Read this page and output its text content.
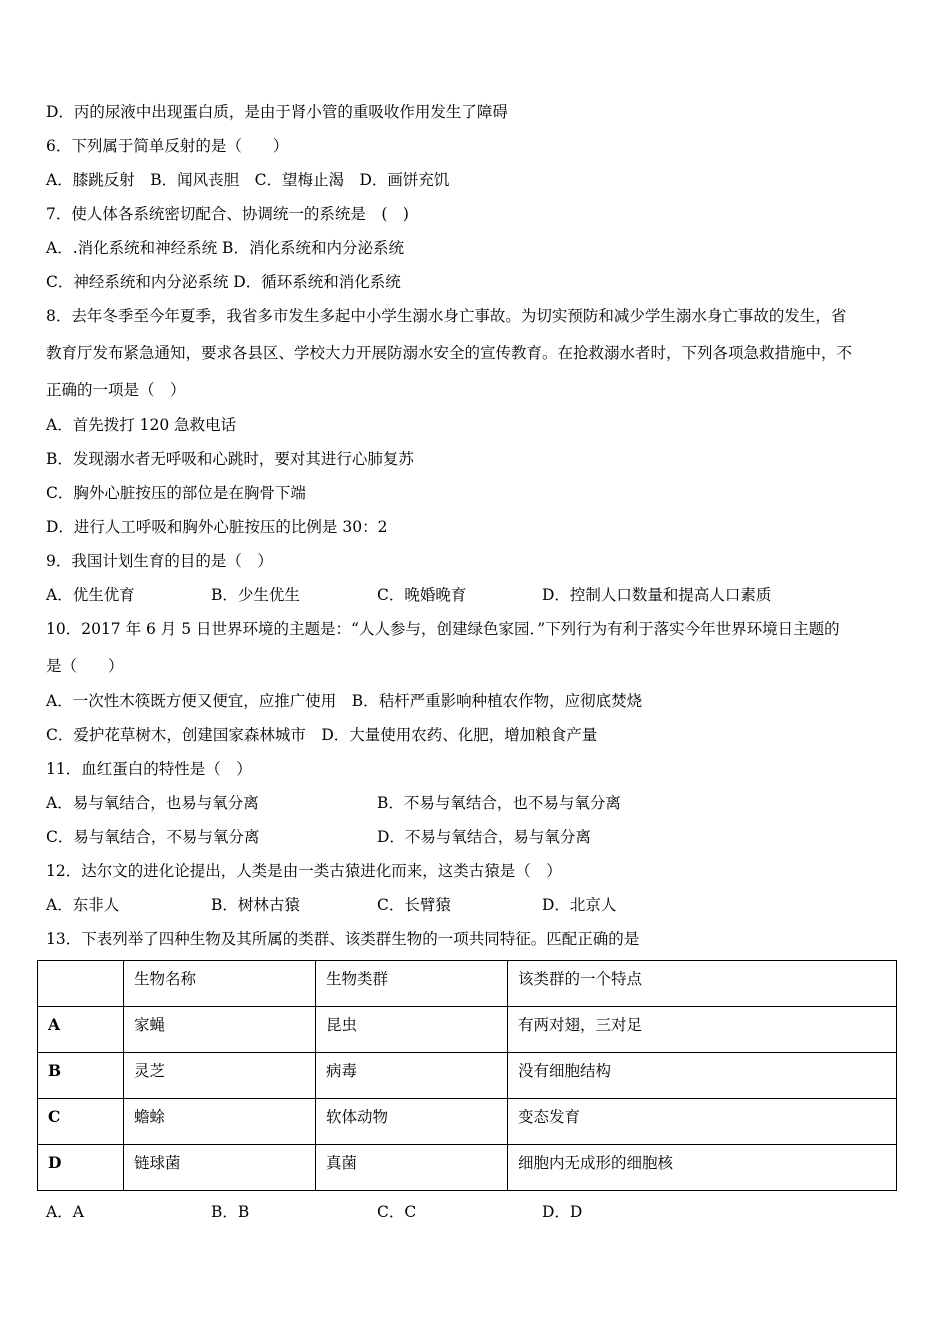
D．丙的尿液中出现蛋白质，是由于肾小管的重吸收作用发生了障碍
6．下列属于简单反射的是（　　）
A．膝跳反射　B．闻风丧胆　C．望梅止渴　D．画饼充饥
7．使人体各系统密切配合、协调统一的系统是　(　)
A．.消化系统和神经系统 B．消化系统和内分泌系统
C．神经系统和内分泌系统 D．循环系统和消化系统
8．去年冬季至今年夏季，我省多市发生多起中小学生溺水身亡事故。为切实预防和减少学生溺水身亡事故的发生，省
教育厅发布紧急通知，要求各县区、学校大力开展防溺水安全的宣传教育。在抢救溺水者时，下列各项急救措施中，不
正确的一项是（　）
A．首先拨打 120 急救电话
B．发现溺水者无呼吸和心跳时，要对其进行心肺复苏
C．胸外心脏按压的部位是在胸骨下端
D．进行人工呼吸和胸外心脏按压的比例是 30：2
9．我国计划生育的目的是（　）
A．优生优育	B．少生优生	C．晚婚晚育	D．控制人口数量和提高人口素质
10．2017 年 6 月 5 日世界环境的主题是：“人人参与，创建绿色家园．”下列行为有利于落实今年世界环境日主题的
是（　　）
A．一次性木筷既方便又便宜，应推广使用　B．秸杆严重影响种植农作物，应彻底焚烧
C．爱护花草树木，创建国家森林城市　D．大量使用农药、化肥，增加粮食产量
11．血红蛋白的特性是（　）
A．易与氧结合，也易与氧分离	B．不易与氧结合，也不易与氧分离
C．易与氧结合，不易与氧分离	D．不易与氧结合，易与氧分离
12．达尔文的进化论提出，人类是由一类古猿进化而来，这类古猿是（　）
A．东非人	B．树林古猿	C．长臂猿	D．北京人
13．下表列举了四种生物及其所属的类群、该类群生物的一项共同特征。匹配正确的是
	生物名称	生物类群	该类群的一个特点
A	家蝇	昆虫	有两对翅，三对足
B	灵芝	病毒	没有细胞结构
C	蟾蜍	软体动物	变态发育
D	链球菌	真菌	细胞内无成形的细胞核
A．A	B．B	C．C	D．D
